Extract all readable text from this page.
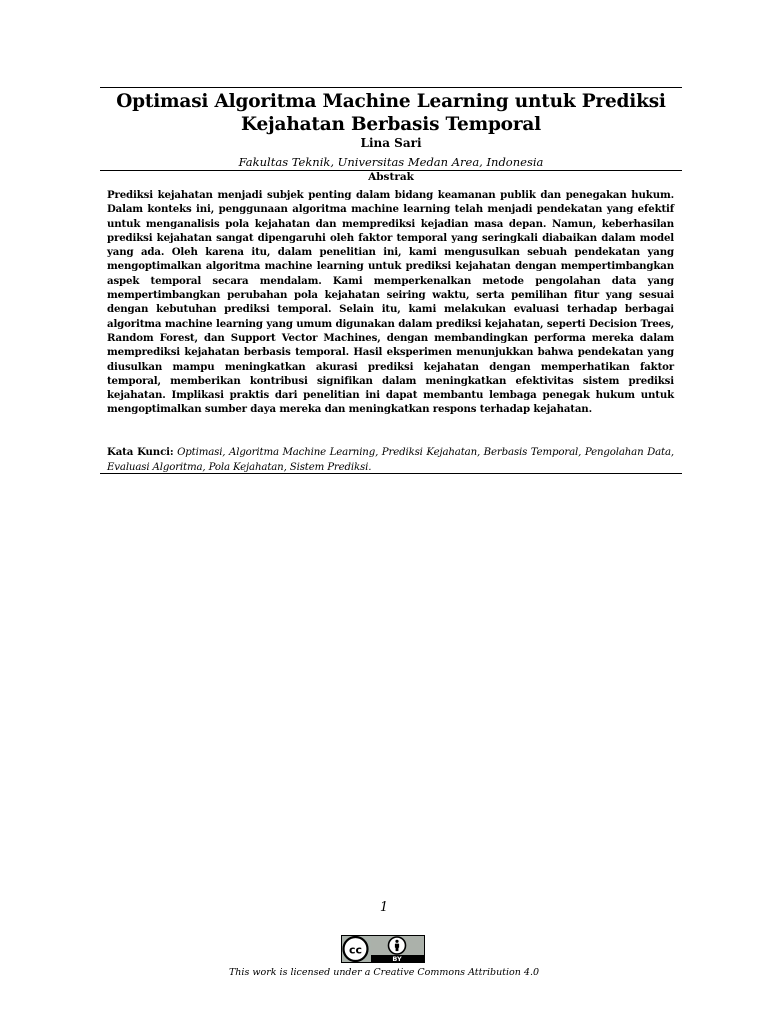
Optimasi Algoritma Machine Learning untuk Prediksi Kejahatan Berbasis Temporal
Lina Sari
Fakultas Teknik, Universitas Medan Area, Indonesia
Abstrak
Prediksi kejahatan menjadi subjek penting dalam bidang keamanan publik dan penegakan hukum. Dalam konteks ini, penggunaan algoritma machine learning telah menjadi pendekatan yang efektif untuk menganalisis pola kejahatan dan memprediksi kejadian masa depan. Namun, keberhasilan prediksi kejahatan sangat dipengaruhi oleh faktor temporal yang seringkali diabaikan dalam model yang ada. Oleh karena itu, dalam penelitian ini, kami mengusulkan sebuah pendekatan yang mengoptimalkan algoritma machine learning untuk prediksi kejahatan dengan mempertimbangkan aspek temporal secara mendalam. Kami memperkenalkan metode pengolahan data yang mempertimbangkan perubahan pola kejahatan seiring waktu, serta pemilihan fitur yang sesuai dengan kebutuhan prediksi temporal. Selain itu, kami melakukan evaluasi terhadap berbagai algoritma machine learning yang umum digunakan dalam prediksi kejahatan, seperti Decision Trees, Random Forest, dan Support Vector Machines, dengan membandingkan performa mereka dalam memprediksi kejahatan berbasis temporal. Hasil eksperimen menunjukkan bahwa pendekatan yang diusulkan mampu meningkatkan akurasi prediksi kejahatan dengan memperhatikan faktor temporal, memberikan kontribusi signifikan dalam meningkatkan efektivitas sistem prediksi kejahatan. Implikasi praktis dari penelitian ini dapat membantu lembaga penegak hukum untuk mengoptimalkan sumber daya mereka dan meningkatkan respons terhadap kejahatan.
Kata Kunci: Optimasi, Algoritma Machine Learning, Prediksi Kejahatan, Berbasis Temporal, Pengolahan Data, Evaluasi Algoritma, Pola Kejahatan, Sistem Prediksi.
1
cc
BY
This work is licensed under a Creative Commons Attribution 4.0
